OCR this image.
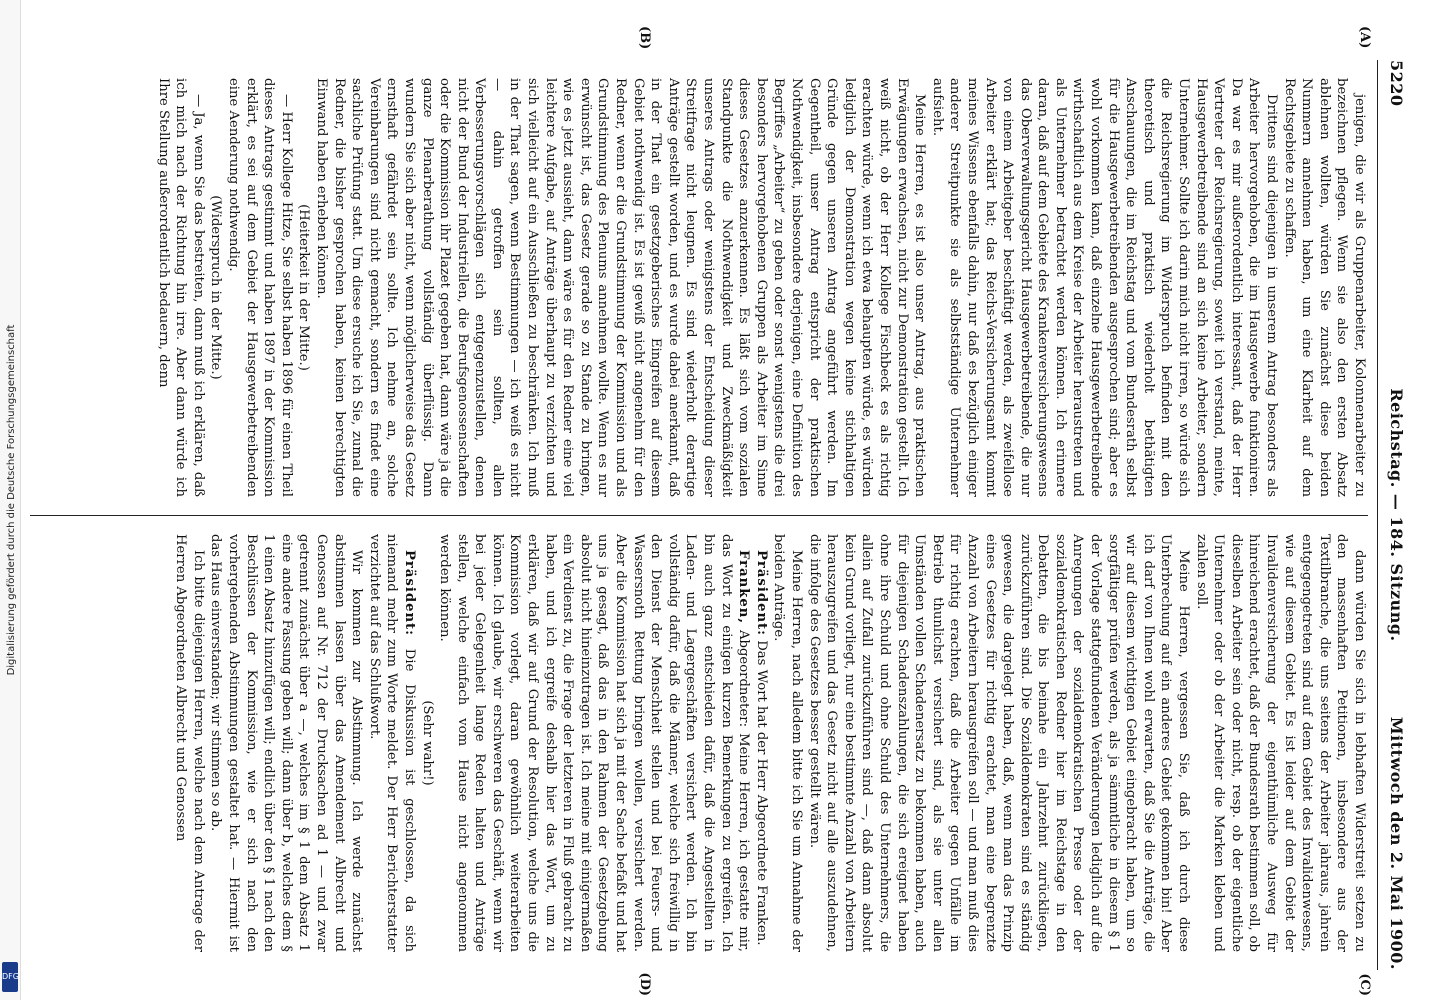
Digitalisierung gefördert durch die Deutsche Forschungsgemeinschaft
DFG
5220
Reichstag. — 184. Sitzung.
Mittwoch den 2. Mai 1900.
(A)
(B)
(C)
(D)

jenigen, die wir als Gruppenarbeiter, Kolonnenarbeiter zu bezeichnen pflegen. Wenn sie also den ersten Absatz ablehnen wollten, würden Sie zunächst diese beiden Nummern annehmen haben, um eine Klarheit auf dem Rechtsgebiete zu schaffen.

Drittens sind diejenigen in unserem Antrag besonders als Arbeiter hervorgehoben, die im Hausgewerbe funktioniren. Da war es mir außerordentlich interessant, daß der Herr Vertreter der Reichsregierung, soweit ich verstand, meinte, Hausgewerbetreibende sind an sich keine Arbeiter, sondern Unternehmer. Sollte ich darin mich nicht irren, so würde sich die Reichsregierung im Widerspruch befinden mit den theoretisch und praktisch wiederholt bethätigten Anschauungen, die im Reichstag und vom Bundesrath selbst für die Hausgewerbetreibenden ausgesprochen sind; aber es wohl vorkommen kann, daß einzelne Hausgewerbetreibende wirthschaftlich aus dem Kreise der Arbeiter heraustreten und als Unternehmer betrachtet werden können. Ich erinnere daran, daß auf dem Gebiete des Krankenversicherungswesens das Oberverwaltungsgericht Hausgewerbetreibende, die nur von einem Arbeitgeber beschäftigt werden, als zweifellose Arbeiter erklärt hat; das Reichs-Versicherungsamt kommt meines Wissens ebenfalls dahin, nur daß es bezüglich einiger anderer Streitpunkte sie als selbstständige Unternehmer aufsieht.

Meine Herren, es ist also unser Antrag, aus praktischen Erwägungen erwachsen, nicht zur Demonstration gestellt. Ich weiß nicht, ob der Herr Kollege Fischbeck es als richtig erachten würde, wenn ich etwa behaupten würde, es würden lediglich der Demonstration wegen keine stichhaltigen Gründe gegen unseren Antrag angeführt werden. Im Gegentheil, unser Antrag entspricht der praktischen Nothwendigkeit, insbesondere derjenigen, eine Definition des Begriffes „Arbeiter“ zu geben oder sonst wenigstens die drei besonders hervorgehobenen Gruppen als Arbeiter im Sinne dieses Gesetzes anzuerkennen. Es läßt sich vom sozialen Standpunkte die Nothwendigkeit und Zweckmäßigkeit unseres Antrags oder wenigstens der Entscheidung dieser Streitfrage nicht leugnen. Es sind wiederholt derartige Anträge gestellt worden, und es wurde dabei anerkannt, daß in der That ein gesetzgeberisches Eingreifen auf diesem Gebiet nothwendig ist. Es ist gewiß nicht angenehm für den Redner, wenn er die Grundstimmung der Kommission und als Grundstimmung des Plenums annehmen wollte. Wenn es nur erwünscht ist, das Gesetz gerade so zu Stande zu bringen, wie es jetzt aussieht, dann wäre es für den Redner eine viel leichtere Aufgabe, auf Anträge überhaupt zu verzichten und sich vielleicht auf ein Ausschließen zu beschränken. Ich muß in der That sagen, wenn Bestimmungen — ich weiß es nicht — dahin getroffen sein sollten, allen Verbesserungsvorschlägen sich entgegenzustellen, denen nicht der Bund der Industriellen, die Berufsgenossenschaften oder die Kommission ihr Plazet gegeben hat, dann wäre ja die ganze Plenarberathung vollständig überflüssig. Dann wundern Sie sich aber nicht, wenn möglicherweise das Gesetz ernsthaft gefährdet sein sollte. Ich nehme an, solche Vereinbarungen sind nicht gemacht, sondern es findet eine sachliche Prüfung statt. Um diese ersuche ich Sie, zumal die Redner, die bisher gesprochen haben, keinen berechtigten Einwand haben erheben können.

(Heiterkeit in der Mitte.)

— Herr Kollege Hitze, Sie selbst haben 1896 für einen Theil dieses Antrags gestimmt und haben 1897 in der Kommission erklärt, es sei auf dem Gebiet der Hausgewerbetreibenden eine Aenderung nothwendig.

(Widerspruch in der Mitte.)

— Ja, wenn Sie das bestreiten, dann muß ich erklären, daß ich mich nach der Richtung hin irre. Aber dann würde ich Ihre Stellung außerordentlich bedauern, denn

dann würden Sie sich in lebhaften Widerstreit setzen zu den massenhaften Petitionen, insbesondere aus der Textilbranche, die uns seitens der Arbeiter jahraus, jahrein entgegengetreten sind auf dem Gebiet des Invalidenwesens, wie auf diesem Gebiet. Es ist leider auf dem Gebiet der Invalidenversicherung der eigenthümliche Ausweg für hinreichend erachtet, daß der Bundesrath bestimmen soll, ob dieselben Arbeiter sein oder nicht, resp. ob der eigentliche Unternehmer oder ob der Arbeiter die Marken kleben und zahlen soll.

Meine Herren, vergessen Sie, daß ich durch diese Unterbrechung auf ein anderes Gebiet gekommen bin! Aber ich darf von Ihnen wohl erwarten, daß Sie die Anträge, die wir auf diesem wichtigen Gebiet eingebracht haben, um so sorgfältiger prüfen werden, als ja sämmtliche in diesem § 1 der Vorlage stattgefundenen Veränderungen lediglich auf die Anregungen der sozialdemokratischen Presse oder der sozialdemokratischen Redner hier im Reichstage in den Debatten, die bis beinahe ein Jahrzehnt zurückliegen, zurückzuführen sind. Die Sozialdemokraten sind es ständig gewesen, die dargelegt haben, daß, wenn man das Prinzip eines Gesetzes für richtig erachtet, man eine begrenzte Anzahl von Arbeitern herausgreifen soll — und man muß dies für richtig erachten, daß die Arbeiter gegen Unfälle im Betrieb thunlichst versichert sind, als sie unter allen Umständen vollen Schadenersatz zu bekommen haben, auch für diejenigen Schadenszahlungen, die sich ereignet haben ohne ihre Schuld und ohne Schuld des Unternehmers, die allein auf Zufall zurückzuführen sind —, daß dann absolut kein Grund vorliegt, nur eine bestimmte Anzahl von Arbeitern herauszugreifen und das Gesetz nicht auf alle auszudehnen, die infolge des Gesetzes besser gestellt wären.

Meine Herren, nach alledem bitte ich Sie um Annahme der beiden Anträge.

Präsident: Das Wort hat der Herr Abgeordnete Franken.

Franken, Abgeordneter: Meine Herren, ich gestatte mir, das Wort zu einigen kurzen Bemerkungen zu ergreifen. Ich bin auch ganz entschieden dafür, daß die Angestellten in Laden- und Lagergeschäften versichert werden. Ich bin vollständig dafür, daß die Männer, welche sich freiwillig in den Dienst der Menschheit stellen und bei Feuers- und Wassersnoth Rettung bringen wollen, versichert werden. Aber die Kommission hat sich ja mit der Sache befaßt und hat uns ja gesagt, daß das in den Rahmen der Gesetzgebung absolut nicht hineinzutragen ist. Ich meine mit einigermaßen ein Verdienst zu, die Frage der letzteren in Fluß gebracht zu haben, und ich ergreife deshalb hier das Wort, um zu erklären, daß wir auf Grund der Resolution, welche uns die Kommission vorlegt, daran gewöhnlich weiterarbeiten können. Ich glaube, wir erschweren das Geschäft, wenn wir bei jeder Gelegenheit lange Reden halten und Anträge stellen, welche einfach vom Hause nicht angenommen werden können.

(Sehr wahr!)

Präsident: Die Diskussion ist geschlossen, da sich niemand mehr zum Worte meldet. Der Herr Berichterstatter verzichtet auf das Schlußwort.

Wir kommen zur Abstimmung. Ich werde zunächst abstimmen lassen über das Amendement Albrecht und Genossen auf Nr. 712 der Drucksachen ad 1 — und zwar getrennt zunächst über a —, welches im § 1 dem Absatz 1 eine andere Fassung geben will; dann über b, welches dem § 1 einen Absatz hinzufügen will; endlich über den § 1 nach den Beschlüssen der Kommission, wie er sich nach den vorhergehenden Abstimmungen gestaltet hat. — Hiermit ist das Haus einverstanden; wir stimmen so ab.

Ich bitte diejenigen Herren, welche nach dem Antrage der Herren Abgeordneten Albrecht und Genossen
